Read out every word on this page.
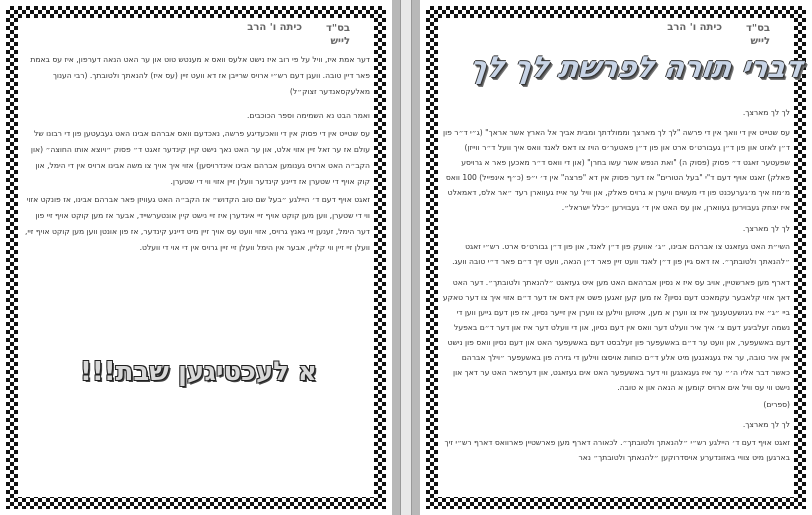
בס"ד
לייש
כיתה ו' הרב

דער אמת איז, וויל על פי רוב איז נישט אלעס וואס א מענטש טוט און ער האט הנאה דערפון, איז עס באמת פאר דיין טובה. וועגן דעם רש״י ארויס שרייבן אז דא וועט זיין (עס איז) להנאתך ולטובתך. (רבי הענוך מאלעקסאנדער זצוק״ל)

ואמר הבט נא השמימה וספר הכוכבים.

עס שטייט אין די פסוק אין די וואכעדיגע פרשה, נאכדעם וואס אברהם אבינו האט געבעטען פון די רבונו של עולם אז ער זאל זיין אזוי אלט, און ער האט נאך נישט קיין קינדער זאגט ד״ פסוק ״ויוצא אותו החוצה״ (און הקב״ה האט ארויס גענומען אברהם אבינו אינדרויסען) אזוי איך אויך צו משה אבינו ארויס אין די הימל, און קוק אויף די שטערן אז דיינע קינדער וועלן זיין אזוי ווי די שטערן.

זאגט אויף דעם ד׳ היילגע ״בעל שם טוב הקדוש״ אז הקב״ה האט געוויזן פאר אברהם אבינו, אז פונקט אזוי ווי די שטערן, ווען מען קוקט אויף זיי אינדערן איז זיי נישט קיין אונטערשייד, אבער אז מען קוקט אויף זיי פון דער הימל, זענען זיי גאנץ גרויס, אזוי וועט עס אויך זיין מיט דיינע קינדער, אז פון אונטן ווען מען קוקט אויף זיי, וועלן זיי זיין ווי קליין, אבער אין הימל וועלן זיי זיין גרויס אין די אוי די וועלט.

א לעכטיגען שבת!!!
בס"ד
לייש
כיתה ו' הרב
דברי תורה לפרשת לך לך

לך לך מארצך.

עס שטייט אין די וואך אין די פרשה "לך לך מארצך וממולדתך ומבית אביך אל הארץ אשר אראך" (ג״י ד״ר פון ד״ן לאזט און פון ד״ן געבורט׳ס ארט און פון ד״ן פאטער׳ס הויז צו דאס לאנד וואס איך וועל ד״ר ווייזן) שפעטער זאגט ד״ פסוק (פסוק ה) "ואת הנפש אשר עשו בחרן" (און די וואס ד״ר מאכען פאר א גרויסע פאלק) זאגט אויף דעם ד"י "בעל הטורים" אז דער פסוק אין דא "פרצה" אין ד׳ י״פ (כ״ף אינפייל) 100 וואס מ׳מוז איך מ׳גערעכנט פון די מעשים וויערן א גרויס פאלק, און וויל ער אייז געווארן רעד ״אר אלס, דאמאלט איז יצחק געבוירען געווארן, און עס האט אין ד׳ געבוירען ״כלל ישראל״.

לך לך מארצך.

השי״ת האט געזאגט צו אברהם אבינו, ״ג׳ אוועק פון ד״ן לאנד, און פון ד״ן גבורט׳ס ארט. רש״י זאגט ״להנאתך ולטובתך״. אז דאס גיין פון ד״ן לאנד וועט זיין פאר ד״ן הנאה, וועט זיך ד״ם פאר ד״י טובה וועג.

דארף מען פארשטיין, אויב עס איז א נסיון אברהאם האט מען איט געזאגט ״להנאתך ולטובתך״. דער האט דאך אזוי קלאבער עקמאכט דעם נסיון? אז מען קען זאגען פשט אין דאס אז דער ד״ם אזוי איך צו דער טאקע ביי ״ג״ איז גיגושעטענעך איז צו ווערן א מען, איטוען ווילען צו ווערן אין זייער נסיון, אז פון דעם גייען ווען די נשמה זעלביגע דעם צ׳ איך איר וועלט דער וואס אין דעם נסיון, און די וועלט דער איז און דער ד״ם באפעל דעם באשעפער, און וועט ער ד״ם באשעפער פון זעלבסט דעם באשעפער האט און דעם נסיון וואס פון נישט אין איר טובה, ער איז געגאנגען מיט אלע ד״ם כוחות אויסצו ווילען די גזירה פון באשעפער ״וילך אברהם כאשר דבר אליו ה׳״ ער איז געגאנגען ווי דער באשעפער האט אים געזאגט, און דערפאר האט ער דאך און נישט ווי עס וויל אים ארויס קומען א הנאה און א טובה.

(ספרים)

לך לך מארצך.

זאגט אויף דעם ד׳ היילגע רש״י ״להנאתך ולטובתך״. לכאורה דארף מען פארשטיין פארוואס דארף רש״י זיך בארגען מיט צוויי באזונדערע אויסדרוקען ״להנאתך ולטובתך״ נאר
